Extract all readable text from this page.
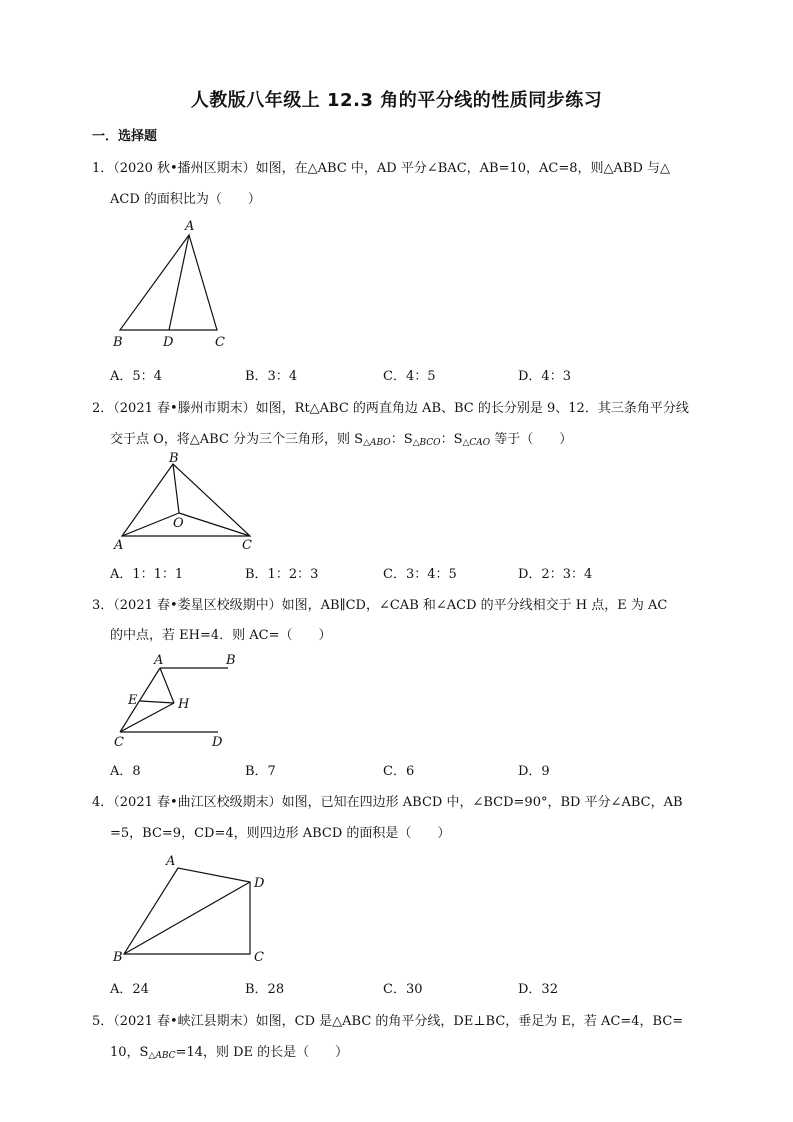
人教版八年级上 12.3 角的平分线的性质同步练习
一．选择题
1．（2020 秋•播州区期末）如图，在△ABC 中，AD 平分∠BAC，AB=10，AC=8，则△ABD 与△
ACD 的面积比为（　　）
A
B	D	C
A．5：4	B．3：4	C．4：5	D．4：3
2．（2021 春•滕州市期末）如图，Rt△ABC 的两直角边 AB、BC 的长分别是 9、12．其三条角平分线
交于点 O，将△ABC 分为三个三角形，则 $S_{\triangle ABO}$：$S_{\triangle BCO}$：$S_{\triangle CAO}$ 等于（　　）
B
A
O
C
A．1：1：1	B．1：2：3	C．3：4：5	D．2：3：4
3．（2021 春•娄星区校级期中）如图，AB∥CD，∠CAB 和∠ACD 的平分线相交于 H 点，E 为 AC
的中点，若 EH=4．则 AC=（　　）
A	B
E	H
C	D
A．8	B．7	C．6	D．9
4．（2021 春•曲江区校级期末）如图，已知在四边形 ABCD 中，∠BCD=90°，BD 平分∠ABC，AB
=5，BC=9，CD=4，则四边形 ABCD 的面积是（　　）
A
D
B	C
A．24	B．28	C．30	D．32
5．（2021 春•峡江县期末）如图，CD 是△ABC 的角平分线，DE⊥BC，垂足为 E，若 AC=4，BC=
10，$S_{\triangle ABC}=14$，则 DE 的长是（　　）
